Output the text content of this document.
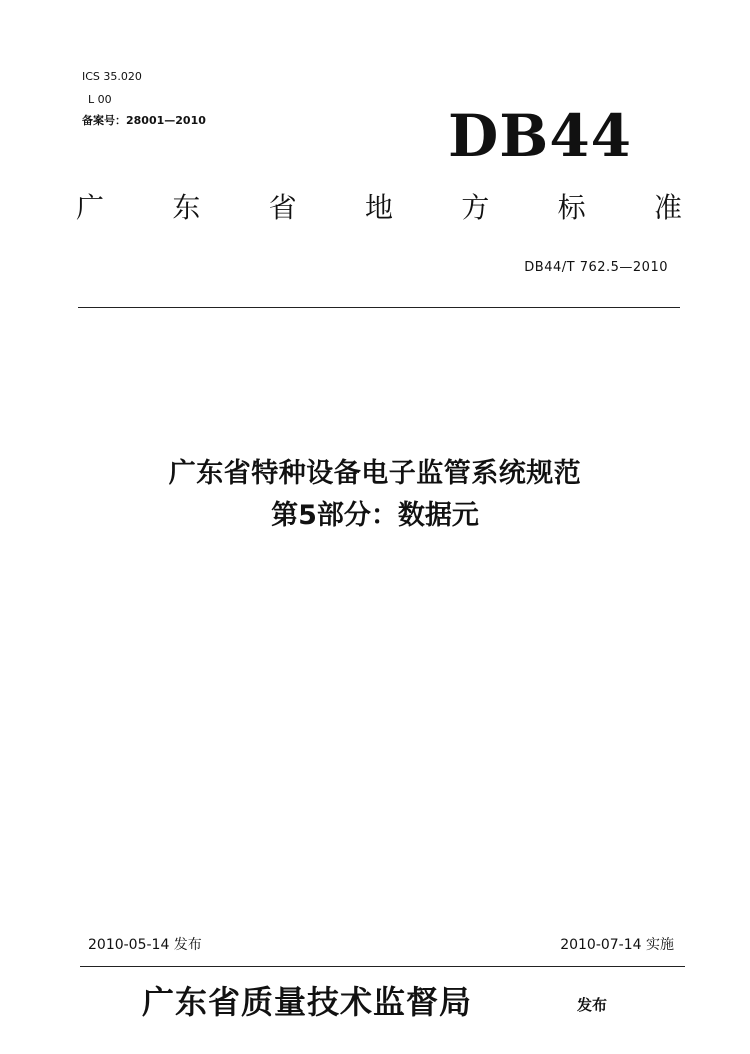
ICS 35.020
L 00
备案号：28001—2010	DB44
广 东 省 地 方 标 准
DB44/T 762.5—2010
广东省特种设备电子监管系统规范
第5部分：数据元
2010-05-14 发布	2010-07-14 实施
广东省质量技术监督局	发布
